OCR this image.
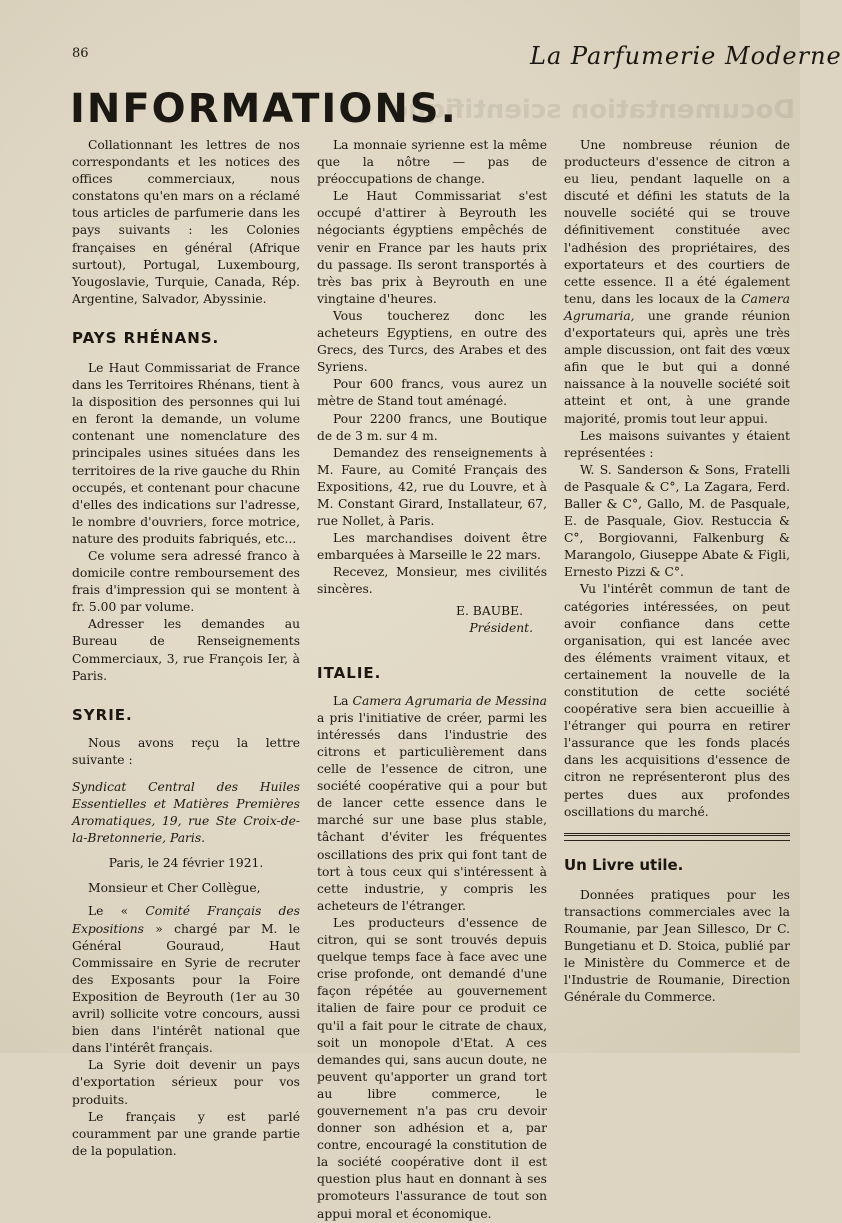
Documentation scientifique
86	La Parfumerie Moderne
INFORMATIONS.

Collationnant les lettres de nos correspondants et les notices des offices commerciaux, nous constatons qu'en mars on a réclamé tous articles de parfumerie dans les pays suivants : les Colonies françaises en général (Afrique surtout), Portugal, Luxembourg, Yougoslavie, Turquie, Canada, Rép. Argentine, Salvador, Abyssinie.

PAYS RHÉNANS.

Le Haut Commissariat de France dans les Territoires Rhénans, tient à la disposition des personnes qui lui en feront la demande, un volume contenant une nomenclature des principales usines situées dans les territoires de la rive gauche du Rhin occupés, et contenant pour chacune d'elles des indications sur l'adresse, le nombre d'ouvriers, force motrice, nature des produits fabriqués, etc...

Ce volume sera adressé franco à domicile contre remboursement des frais d'impression qui se montent à fr. 5.00 par volume.

Adresser les demandes au Bureau de Renseignements Commerciaux, 3, rue François Ier, à Paris.

SYRIE.

Nous avons reçu la lettre suivante :

Syndicat Central des Huiles Essentielles et Matières Premières Aromatiques, 19, rue Ste Croix-de-la-Bretonnerie, Paris.

Paris, le 24 février 1921.

Monsieur et Cher Collègue,

Le « Comité Français des Expositions » chargé par M. le Général Gouraud, Haut Commissaire en Syrie de recruter des Exposants pour la Foire Exposition de Beyrouth (1er au 30 avril) sollicite votre concours, aussi bien dans l'intérêt national que dans l'intérêt français.

La Syrie doit devenir un pays d'exportation sérieux pour vos produits.

Le français y est parlé couramment par une grande partie de la population.

La monnaie syrienne est la même que la nôtre — pas de préoccupations de change.

Le Haut Commissariat s'est occupé d'attirer à Beyrouth les négociants égyptiens empêchés de venir en France par les hauts prix du passage. Ils seront transportés à très bas prix à Beyrouth en une vingtaine d'heures.

Vous toucherez donc les acheteurs Egyptiens, en outre des Grecs, des Turcs, des Arabes et des Syriens.

Pour 600 francs, vous aurez un mètre de Stand tout aménagé.

Pour 2200 francs, une Boutique de de 3 m. sur 4 m.

Demandez des renseignements à M. Faure, au Comité Français des Expositions, 42, rue du Louvre, et à M. Constant Girard, Installateur, 67, rue Nollet, à Paris.

Les marchandises doivent être embarquées à Marseille le 22 mars.

Recevez, Monsieur, mes civilités sincères.

E. BAUBE.

Président.

ITALIE.

La Camera Agrumaria de Messina a pris l'initiative de créer, parmi les intéressés dans l'industrie des citrons et particulièrement dans celle de l'essence de citron, une société coopérative qui a pour but de lancer cette essence dans le marché sur une base plus stable, tâchant d'éviter les fréquentes oscillations des prix qui font tant de tort à tous ceux qui s'intéressent à cette industrie, y compris les acheteurs de l'étranger.

Les producteurs d'essence de citron, qui se sont trouvés depuis quelque temps face à face avec une crise profonde, ont demandé d'une façon répétée au gouvernement italien de faire pour ce produit ce qu'il a fait pour le citrate de chaux, soit un monopole d'Etat. A ces demandes qui, sans aucun doute, ne peuvent qu'apporter un grand tort au libre commerce, le gouvernement n'a pas cru devoir donner son adhésion et a, par contre, encouragé la constitution de la société coopérative dont il est question plus haut en donnant à ses promoteurs l'assurance de tout son appui moral et économique.

Une nombreuse réunion de producteurs d'essence de citron a eu lieu, pendant laquelle on a discuté et défini les statuts de la nouvelle société qui se trouve définitivement constituée avec l'adhésion des propriétaires, des exportateurs et des courtiers de cette essence. Il a été également tenu, dans les locaux de la Camera Agrumaria, une grande réunion d'exportateurs qui, après une très ample discussion, ont fait des vœux afin que le but qui a donné naissance à la nouvelle société soit atteint et ont, à une grande majorité, promis tout leur appui.

Les maisons suivantes y étaient représentées :

W. S. Sanderson & Sons, Fratelli de Pasquale & C°, La Zagara, Ferd. Baller & C°, Gallo, M. de Pasquale, E. de Pasquale, Giov. Restuccia & C°, Borgiovanni, Falkenburg & Marangolo, Giuseppe Abate & Figli, Ernesto Pizzi & C°.

Vu l'intérêt commun de tant de catégories intéressées, on peut avoir confiance dans cette organisation, qui est lancée avec des éléments vraiment vitaux, et certainement la nouvelle de la constitution de cette société coopérative sera bien accueillie à l'étranger qui pourra en retirer l'assurance que les fonds placés dans les acquisitions d'essence de citron ne représenteront plus des pertes dues aux profondes oscillations du marché.

Un Livre utile.

Données pratiques pour les transactions commerciales avec la Roumanie, par Jean Sillesco, Dr C. Bungetianu et D. Stoica, publié par le Ministère du Commerce et de l'Industrie de Roumanie, Direction Générale du Commerce.
